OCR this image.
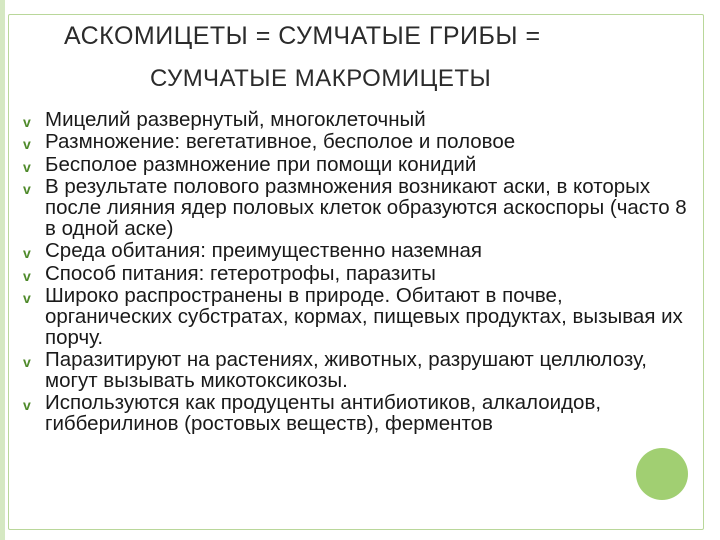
АСКОМИЦЕТЫ = СУМЧАТЫЕ ГРИБЫ =
СУМЧАТЫЕ МАКРОМИЦЕТЫ
v Мицелий развернутый, многоклеточный
v Размножение: вегетативное, бесполое и половое
v Бесполое размножение при помощи конидий
v В результате полового размножения возникают аски, в которых после лияния ядер половых клеток образуются аскоспоры (часто 8 в одной аске)
v Среда обитания: преимущественно наземная
v Способ питания: гетеротрофы, паразиты
v Широко распространены в природе. Обитают в почве, органических субстратах, кормах, пищевых продуктах, вызывая их порчу.
v Паразитируют на растениях, животных, разрушают целлюлозу, могут вызывать микотоксикозы.
v Используются как продуценты антибиотиков, алкалоидов, гибберилинов (ростовых веществ), ферментов
